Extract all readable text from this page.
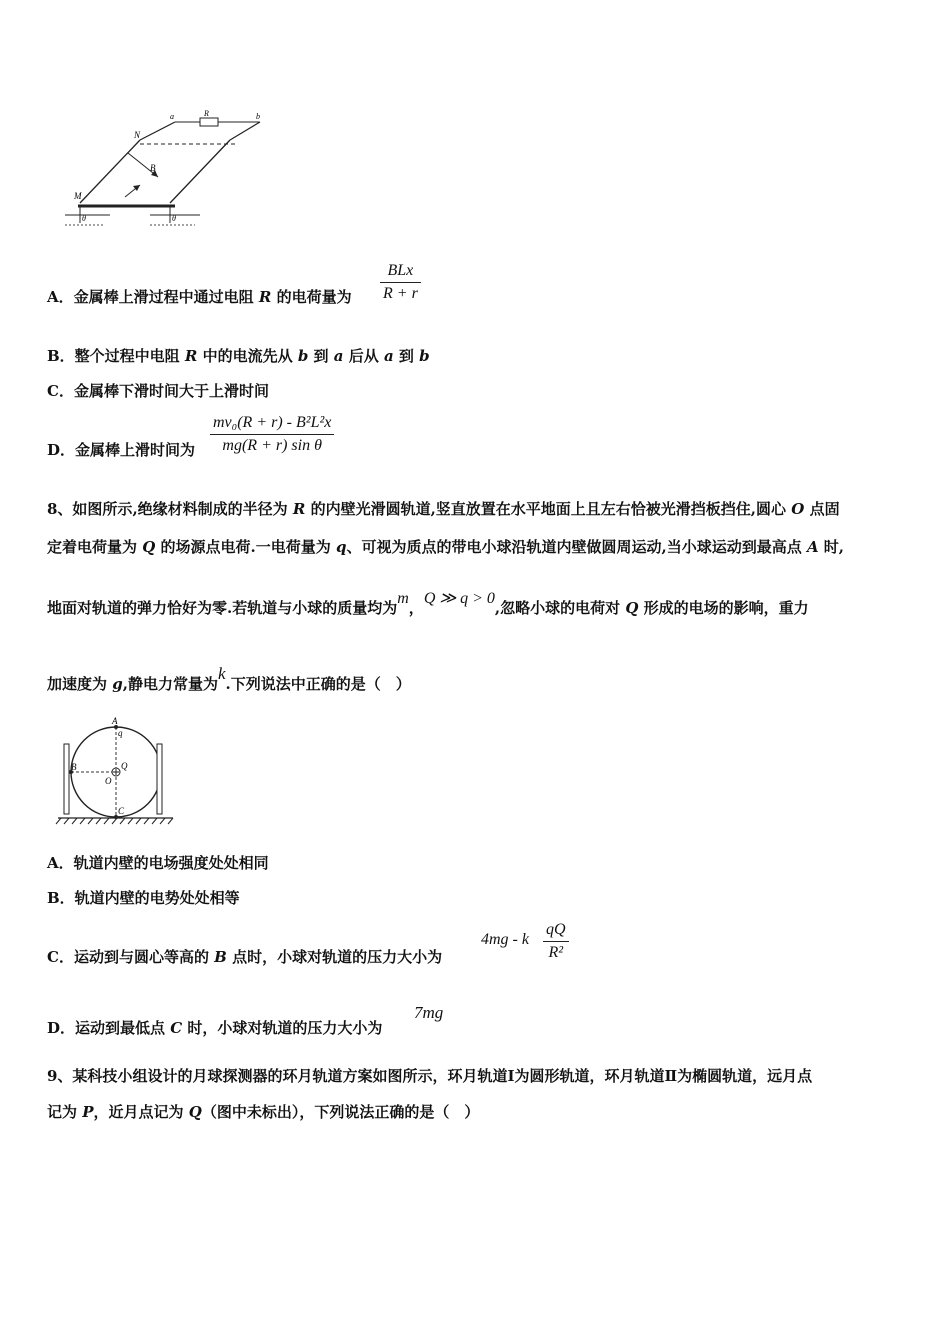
a	R	b
N
B
M
θ	θ
A．金属棒上滑过程中通过电阻 R 的电荷量为
BLx
R + r
B．整个过程中电阻 R 中的电流先从 b 到 a 后从 a 到 b
C．金属棒下滑时间大于上滑时间
D．金属棒上滑时间为 $\frac{\text{mv₀(R + r) - B²L²x}}{\text{mg(R + r) sin θ}}$
8、如图所示,绝缘材料制成的半径为 R 的内壁光滑圆轨道,竖直放置在水平地面上且左右恰被光滑挡板挡住,圆心 O 点固
定着电荷量为 Q 的场源点电荷.一电荷量为 q、可视为质点的带电小球沿轨道内壁做圆周运动,当小球运动到最高点 A 时,
地面对轨道的弹力恰好为零.若轨道与小球的质量均为m，Q ≫ q > 0,忽略小球的电荷对 Q 形成的电场的影响，重力
加速度为 g,静电力常量为k.下列说法中正确的是（　）
A
q
B	Q
O
C
A．轨道内壁的电场强度处处相同
B．轨道内壁的电势处处相等
C．运动到与圆心等高的 B 点时，小球对轨道的压力大小为
4mg - k $\frac{qQ}{\text{R²}}$
D．运动到最低点 C 时，小球对轨道的压力大小为
7mg
9、某科技小组设计的月球探测器的环月轨道方案如图所示，环月轨道Ⅰ为圆形轨道，环月轨道Ⅱ为椭圆轨道，远月点
记为 P，近月点记为 Q（图中未标出），下列说法正确的是（　）
